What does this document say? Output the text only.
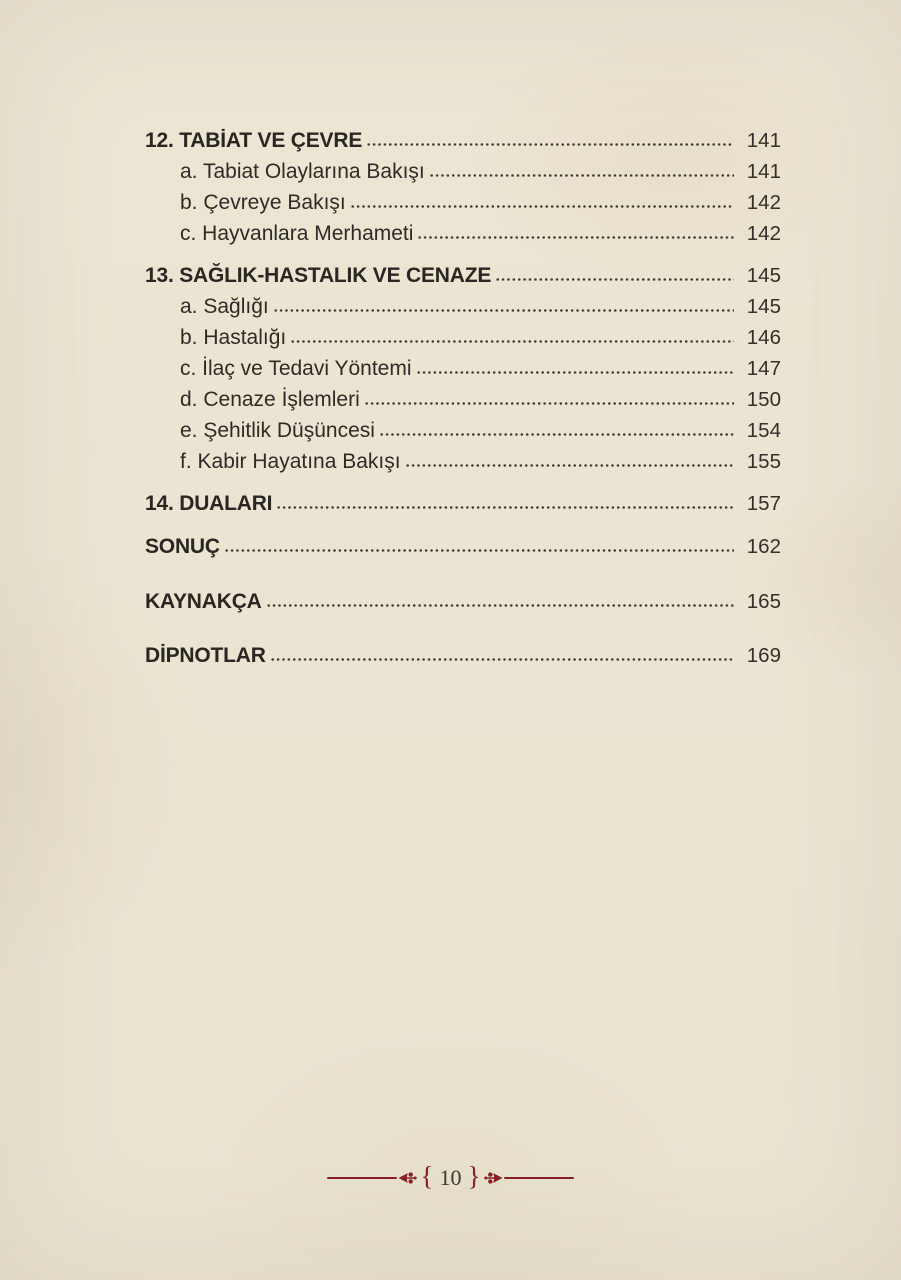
12. TABİAT VE ÇEVRE	141
a. Tabiat Olaylarına Bakışı	141
b. Çevreye Bakışı	142
c. Hayvanlara Merhameti	142
13. SAĞLIK-HASTALIK VE CENAZE	145
a. Sağlığı	145
b. Hastalığı	146
c. İlaç ve Tedavi Yöntemi	147
d. Cenaze İşlemleri	150
e. Şehitlik Düşüncesi	154
f. Kabir Hayatına Bakışı	155
14. DUALARI	157
SONUÇ	162
KAYNAKÇA	165
DİPNOTLAR	169
{ 10 }
